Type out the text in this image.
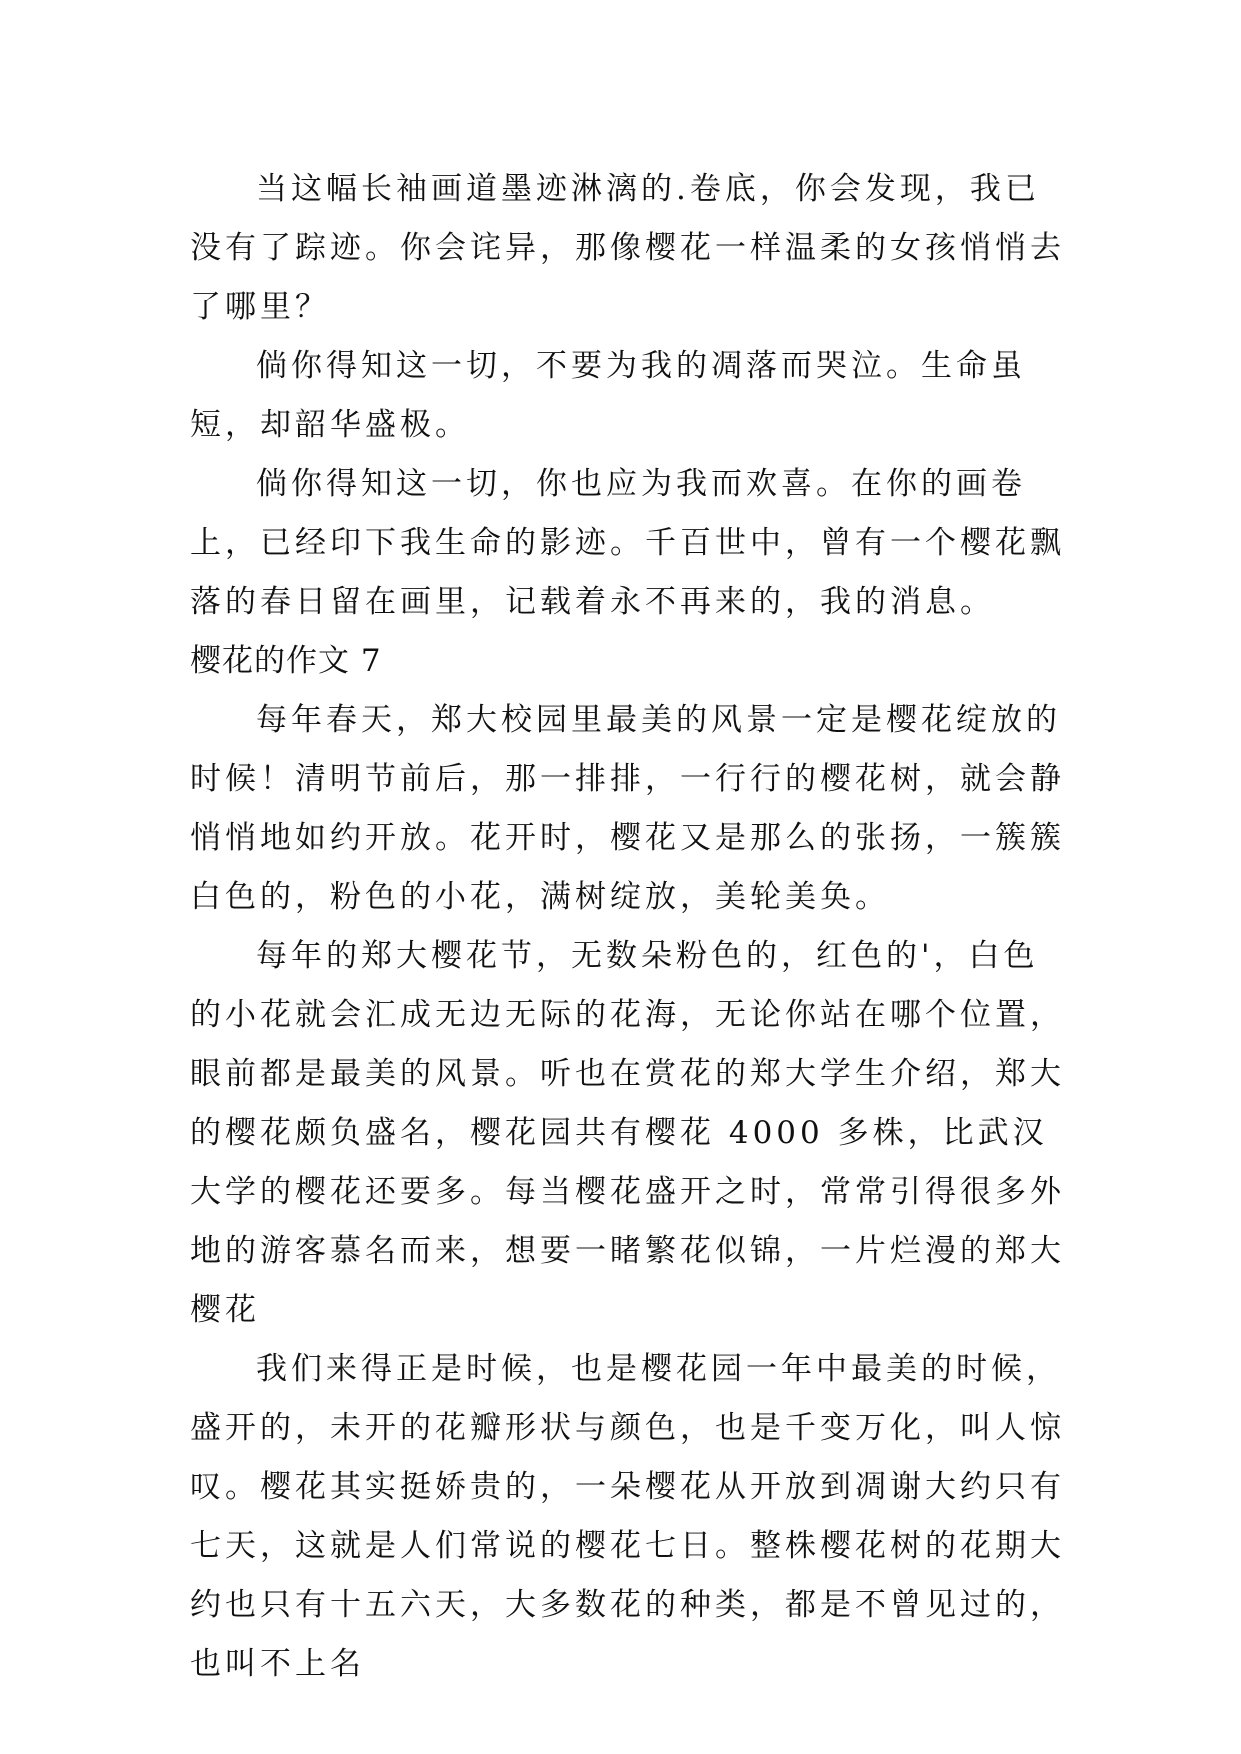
当这幅长袖画道墨迹淋漓的.卷底，你会发现，我已没有了踪迹。你会诧异，那像樱花一样温柔的女孩悄悄去了哪里？

倘你得知这一切，不要为我的凋落而哭泣。生命虽短，却韶华盛极。

倘你得知这一切，你也应为我而欢喜。在你的画卷上，已经印下我生命的影迹。千百世中，曾有一个樱花飘落的春日留在画里，记载着永不再来的，我的消息。

樱花的作文 7

每年春天，郑大校园里最美的风景一定是樱花绽放的时候！清明节前后，那一排排，一行行的樱花树，就会静悄悄地如约开放。花开时，樱花又是那么的张扬，一簇簇白色的，粉色的小花，满树绽放，美轮美奂。

每年的郑大樱花节，无数朵粉色的，红色的'，白色的小花就会汇成无边无际的花海，无论你站在哪个位置，眼前都是最美的风景。听也在赏花的郑大学生介绍，郑大的樱花颇负盛名，樱花园共有樱花 4000 多株，比武汉大学的樱花还要多。每当樱花盛开之时，常常引得很多外地的游客慕名而来，想要一睹繁花似锦，一片烂漫的郑大樱花

我们来得正是时候，也是樱花园一年中最美的时候，盛开的，未开的花瓣形状与颜色，也是千变万化，叫人惊叹。樱花其实挺娇贵的，一朵樱花从开放到凋谢大约只有七天，这就是人们常说的樱花七日。整株樱花树的花期大约也只有十五六天，大多数花的种类，都是不曾见过的，也叫不上名
